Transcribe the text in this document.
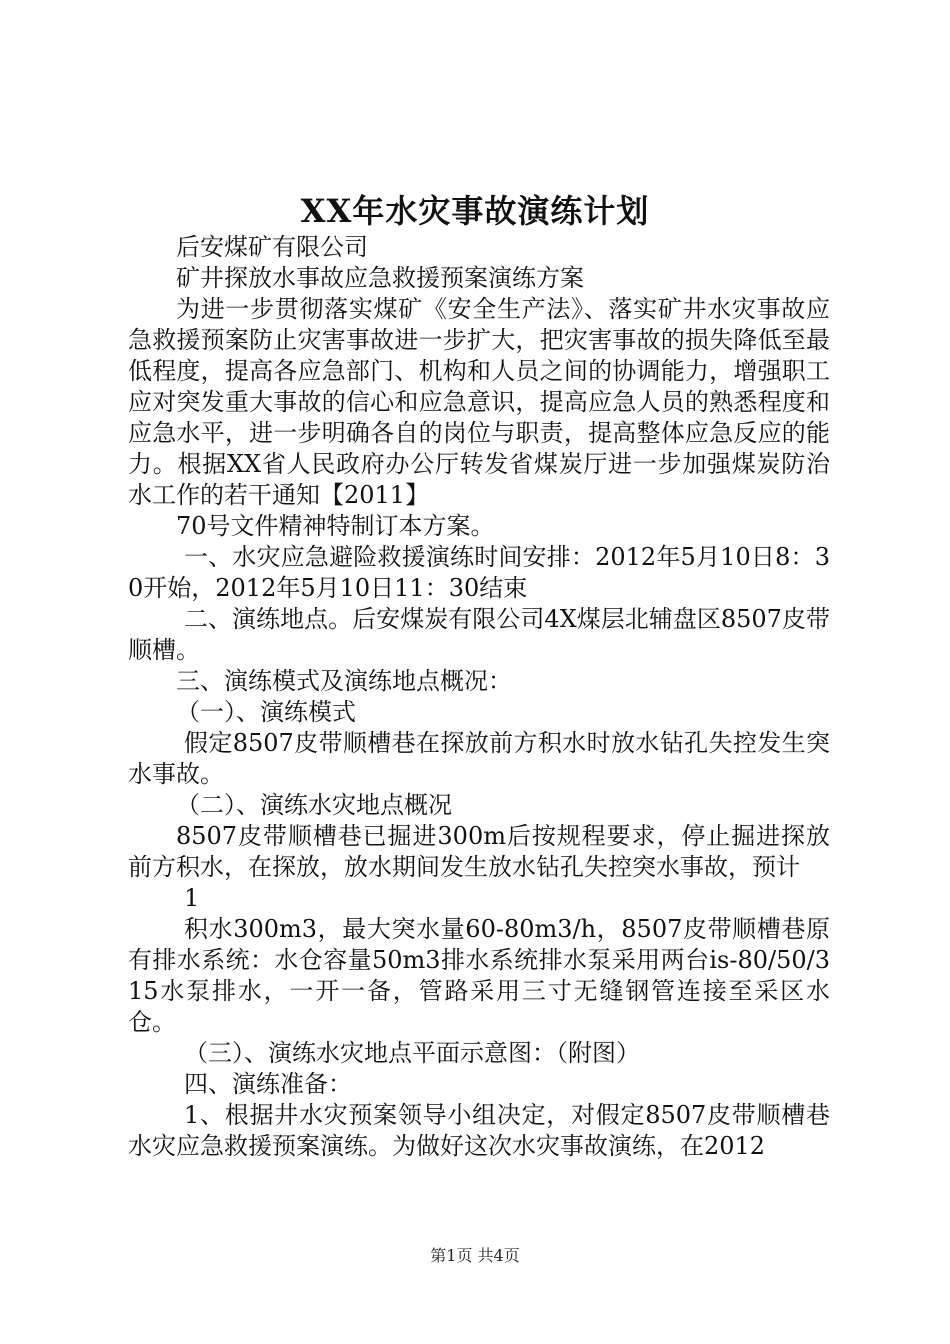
XX年水灾事故演练计划

后安煤矿有限公司

矿井探放水事故应急救援预案演练方案

为进一步贯彻落实煤矿《安全生产法》、落实矿井水灾事故应急救援预案防止灾害事故进一步扩大，把灾害事故的损失降低至最低程度，提高各应急部门、机构和人员之间的协调能力，增强职工应对突发重大事故的信心和应急意识，提高应急人员的熟悉程度和应急水平，进一步明确各自的岗位与职责，提高整体应急反应的能力。根据XX省人民政府办公厅转发省煤炭厅进一步加强煤炭防治水工作的若干通知【2011】

70号文件精神特制订本方案。

一、水灾应急避险救援演练时间安排：2012年5月10日8：30开始，2012年5月10日11：30结束

二、演练地点。后安煤炭有限公司4X煤层北辅盘区8507皮带顺槽。

三、演练模式及演练地点概况：

（一）、演练模式

假定8507皮带顺槽巷在探放前方积水时放水钻孔失控发生突水事故。

（二）、演练水灾地点概况

8507皮带顺槽巷已掘进300m后按规程要求，停止掘进探放前方积水，在探放，放水期间发生放水钻孔失控突水事故，预计

1

积水300m3，最大突水量60-80m3/h，8507皮带顺槽巷原有排水系统：水仓容量50m3排水系统排水泵采用两台is-80/50/315水泵排水，一开一备，管路采用三寸无缝钢管连接至采区水仓。

（三）、演练水灾地点平面示意图：（附图）

四、演练准备：

1、根据井水灾预案领导小组决定，对假定8507皮带顺槽巷水灾应急救援预案演练。为做好这次水灾事故演练，在2012

第1页 共4页
